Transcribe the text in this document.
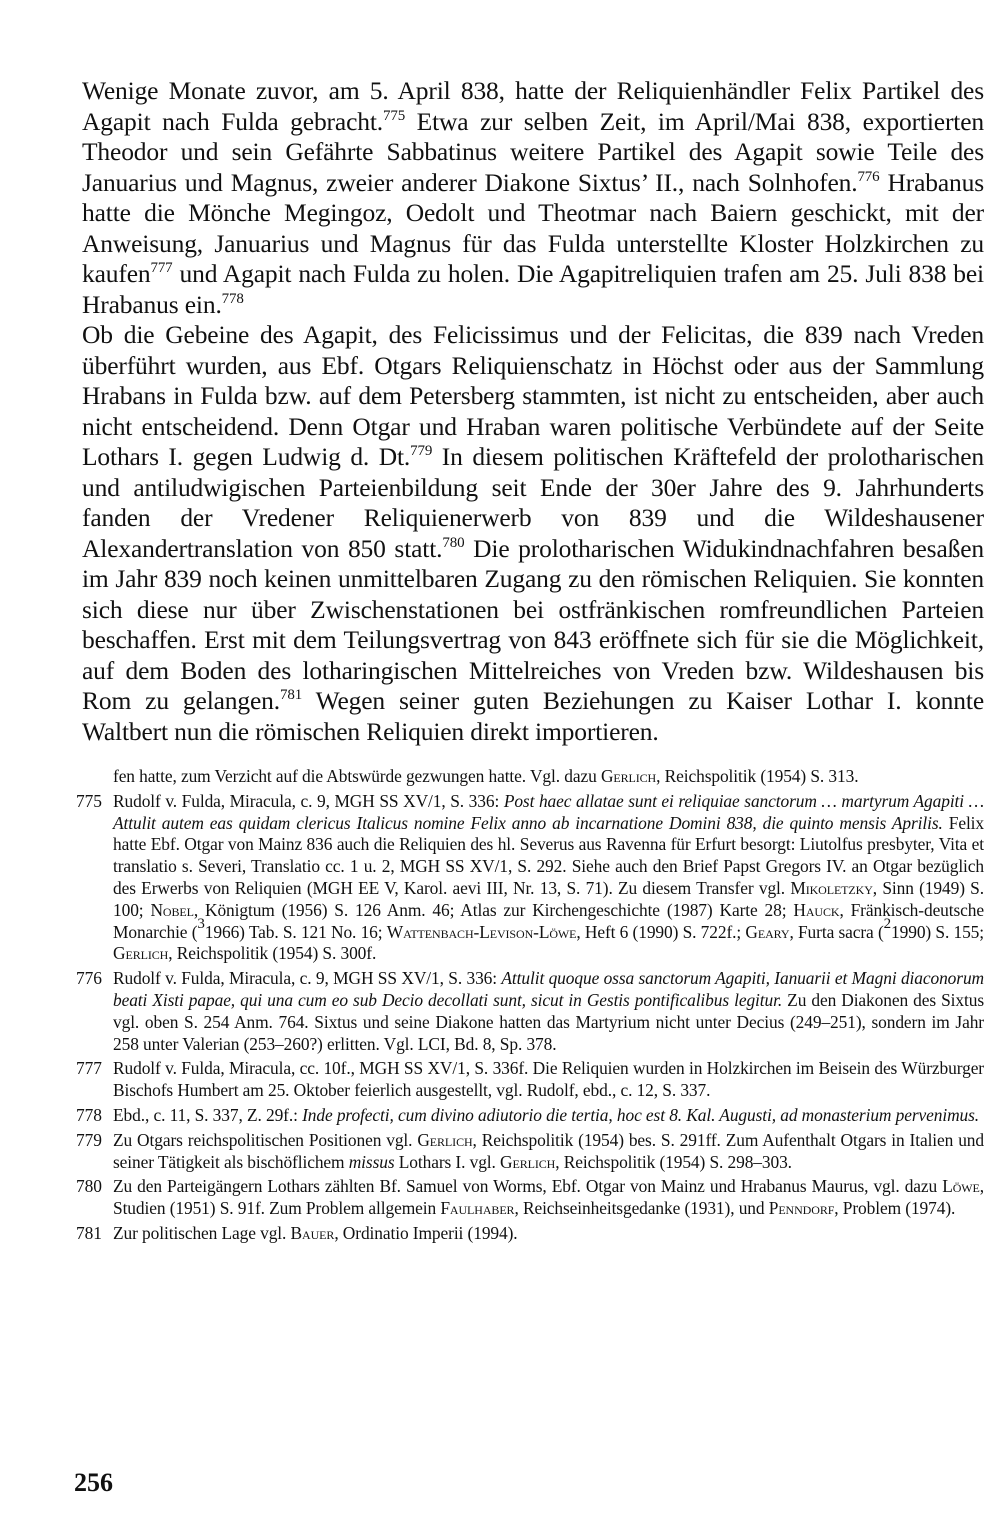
Wenige Monate zuvor, am 5. April 838, hatte der Reliquienhändler Felix Partikel des Agapit nach Fulda gebracht.$^{775}$ Etwa zur selben Zeit, im April/Mai 838, exportierten Theodor und sein Gefährte Sabbatinus weitere Partikel des Agapit sowie Teile des Januarius und Magnus, zweier anderer Diakone Sixtus’ II., nach Solnhofen.$^{776}$ Hrabanus hatte die Mönche Megingoz, Oedolt und Theotmar nach Baiern geschickt, mit der Anweisung, Januarius und Magnus für das Fulda unterstellte Kloster Holzkirchen zu kaufen$^{777}$ und Agapit nach Fulda zu holen. Die Agapitreliquien trafen am 25. Juli 838 bei Hrabanus ein.$^{778}$

Ob die Gebeine des Agapit, des Felicissimus und der Felicitas, die 839 nach Vreden überführt wurden, aus Ebf. Otgars Reliquienschatz in Höchst oder aus der Sammlung Hrabans in Fulda bzw. auf dem Petersberg stammten, ist nicht zu entscheiden, aber auch nicht entscheidend. Denn Otgar und Hraban waren politische Verbündete auf der Seite Lothars I. gegen Ludwig d. Dt.$^{779}$ In diesem politischen Kräftefeld der prolotharischen und antiludwigischen Parteienbildung seit Ende der 30er Jahre des 9. Jahrhunderts fanden der Vredener Reliquienerwerb von 839 und die Wildeshausener Alexandertranslation von 850 statt.$^{780}$ Die prolotharischen Widukindnachfahren besaßen im Jahr 839 noch keinen unmittelbaren Zugang zu den römischen Reliquien. Sie konnten sich diese nur über Zwischenstationen bei ostfränkischen romfreundlichen Parteien beschaffen. Erst mit dem Teilungsvertrag von 843 eröffnete sich für sie die Möglichkeit, auf dem Boden des lotharingischen Mittelreiches von Vreden bzw. Wildeshausen bis Rom zu gelangen.$^{781}$ Wegen seiner guten Beziehungen zu Kaiser Lothar I. konnte Waltbert nun die römischen Reliquien direkt importieren.

fen hatte, zum Verzicht auf die Abtswürde gezwungen hatte. Vgl. dazu Gerlich, Reichspolitik (1954) S. 313.
775 Rudolf v. Fulda, Miracula, c. 9, MGH SS XV/1, S. 336: Post haec allatae sunt ei reliquiae sanctorum … martyrum Agapiti … Attulit autem eas quidam clericus Italicus nomine Felix anno ab incarnatione Domini 838, die quinto mensis Aprilis. Felix hatte Ebf. Otgar von Mainz 836 auch die Reliquien des hl. Severus aus Ravenna für Erfurt besorgt: Liutolfus presbyter, Vita et translatio s. Severi, Translatio cc. 1 u. 2, MGH SS XV/1, S. 292. Siehe auch den Brief Papst Gregors IV. an Otgar bezüglich des Erwerbs von Reliquien (MGH EE V, Karol. aevi III, Nr. 13, S. 71). Zu diesem Transfer vgl. Mikoletzky, Sinn (1949) S. 100; Nobel, Königtum (1956) S. 126 Anm. 46; Atlas zur Kirchengeschichte (1987) Karte 28; Hauck, Fränkisch-deutsche Monarchie ($^3$1966) Tab. S. 121 No. 16; Wattenbach-Levison-Löwe, Heft 6 (1990) S. 722f.; Geary, Furta sacra ($^2$1990) S. 155; Gerlich, Reichspolitik (1954) S. 300f.
776 Rudolf v. Fulda, Miracula, c. 9, MGH SS XV/1, S. 336: Attulit quoque ossa sanctorum Agapiti, Ianuarii et Magni diaconorum beati Xisti papae, qui una cum eo sub Decio decollati sunt, sicut in Gestis pontificalibus legitur. Zu den Diakonen des Sixtus vgl. oben S. 254 Anm. 764. Sixtus und seine Diakone hatten das Martyrium nicht unter Decius (249–251), sondern im Jahr 258 unter Valerian (253–260?) erlitten. Vgl. LCI, Bd. 8, Sp. 378.
777 Rudolf v. Fulda, Miracula, cc. 10f., MGH SS XV/1, S. 336f. Die Reliquien wurden in Holzkirchen im Beisein des Würzburger Bischofs Humbert am 25. Oktober feierlich ausgestellt, vgl. Rudolf, ebd., c. 12, S. 337.
778 Ebd., c. 11, S. 337, Z. 29f.: Inde profecti, cum divino adiutorio die tertia, hoc est 8. Kal. Augusti, ad monasterium pervenimus.
779 Zu Otgars reichspolitischen Positionen vgl. Gerlich, Reichspolitik (1954) bes. S. 291ff. Zum Aufenthalt Otgars in Italien und seiner Tätigkeit als bischöflichem missus Lothars I. vgl. Gerlich, Reichspolitik (1954) S. 298–303.
780 Zu den Parteigängern Lothars zählten Bf. Samuel von Worms, Ebf. Otgar von Mainz und Hrabanus Maurus, vgl. dazu Löwe, Studien (1951) S. 91f. Zum Problem allgemein Faulhaber, Reichseinheitsgedanke (1931), und Penndorf, Problem (1974).
781 Zur politischen Lage vgl. Bauer, Ordinatio Imperii (1994).
256
